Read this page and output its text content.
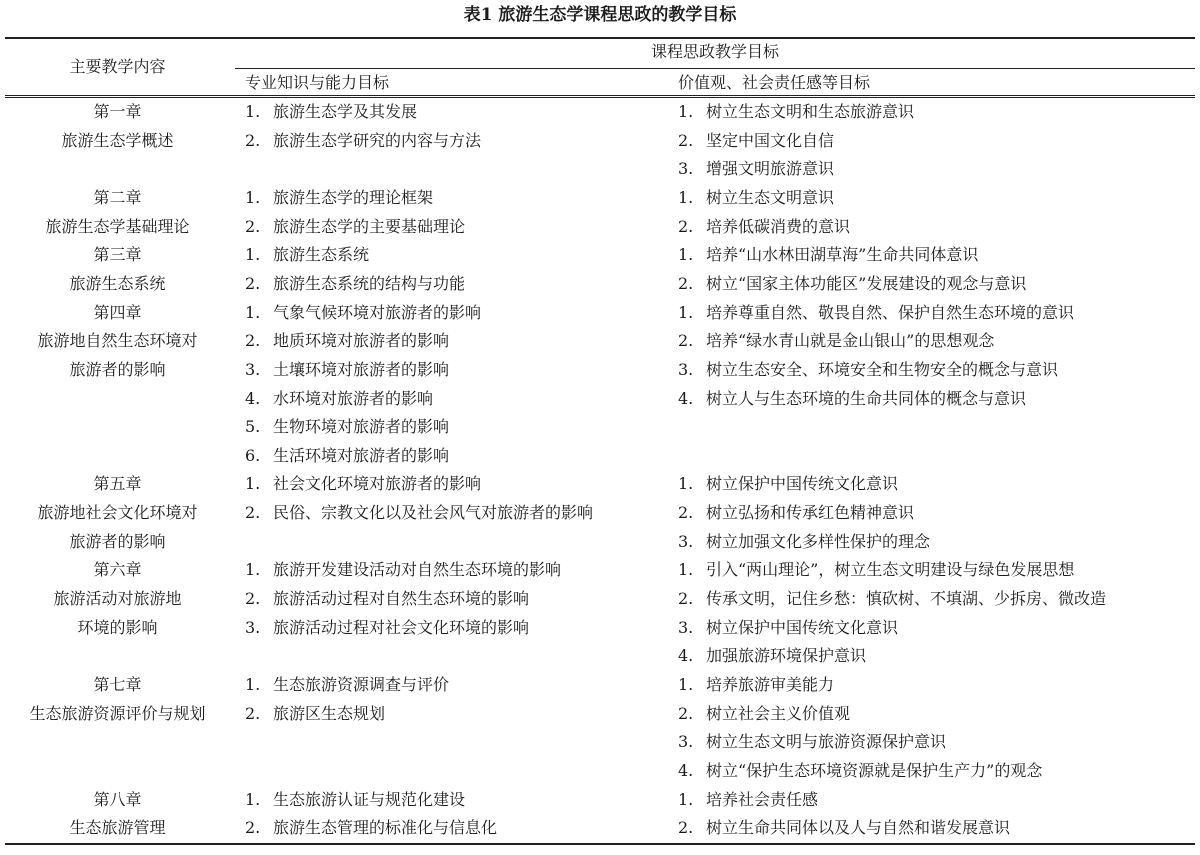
表1 旅游生态学课程思政的教学目标
主要教学内容
课程思政教学目标
专业知识与能力目标	价值观、社会责任感等目标
第一章
旅游生态学概述
1. 旅游生态学及其发展
2. 旅游生态学研究的内容与方法
1. 树立生态文明和生态旅游意识
2. 坚定中国文化自信
3. 增强文明旅游意识
第二章
旅游生态学基础理论
1. 旅游生态学的理论框架
2. 旅游生态学的主要基础理论
1. 树立生态文明意识
2. 培养低碳消费的意识
第三章
旅游生态系统
1. 旅游生态系统
2. 旅游生态系统的结构与功能
1. 培养“山水林田湖草海”生命共同体意识
2. 树立“国家主体功能区”发展建设的观念与意识
第四章
旅游地自然生态环境对
旅游者的影响
1. 气象气候环境对旅游者的影响
2. 地质环境对旅游者的影响
3. 土壤环境对旅游者的影响
4. 水环境对旅游者的影响
5. 生物环境对旅游者的影响
6. 生活环境对旅游者的影响
1. 培养尊重自然、敬畏自然、保护自然生态环境的意识
2. 培养“绿水青山就是金山银山”的思想观念
3. 树立生态安全、环境安全和生物安全的概念与意识
4. 树立人与生态环境的生命共同体的概念与意识
第五章
旅游地社会文化环境对
旅游者的影响
1. 社会文化环境对旅游者的影响
2. 民俗、宗教文化以及社会风气对旅游者的影响
1. 树立保护中国传统文化意识
2. 树立弘扬和传承红色精神意识
3. 树立加强文化多样性保护的理念
第六章
旅游活动对旅游地
环境的影响
1. 旅游开发建设活动对自然生态环境的影响
2. 旅游活动过程对自然生态环境的影响
3. 旅游活动过程对社会文化环境的影响
1. 引入“两山理论”，树立生态文明建设与绿色发展思想
2. 传承文明，记住乡愁：慎砍树、不填湖、少拆房、微改造
3. 树立保护中国传统文化意识
4. 加强旅游环境保护意识
第七章
生态旅游资源评价与规划
1. 生态旅游资源调查与评价
2. 旅游区生态规划
1. 培养旅游审美能力
2. 树立社会主义价值观
3. 树立生态文明与旅游资源保护意识
4. 树立“保护生态环境资源就是保护生产力”的观念
第八章
生态旅游管理
1. 生态旅游认证与规范化建设
2. 旅游生态管理的标准化与信息化
1. 培养社会责任感
2. 树立生命共同体以及人与自然和谐发展意识
